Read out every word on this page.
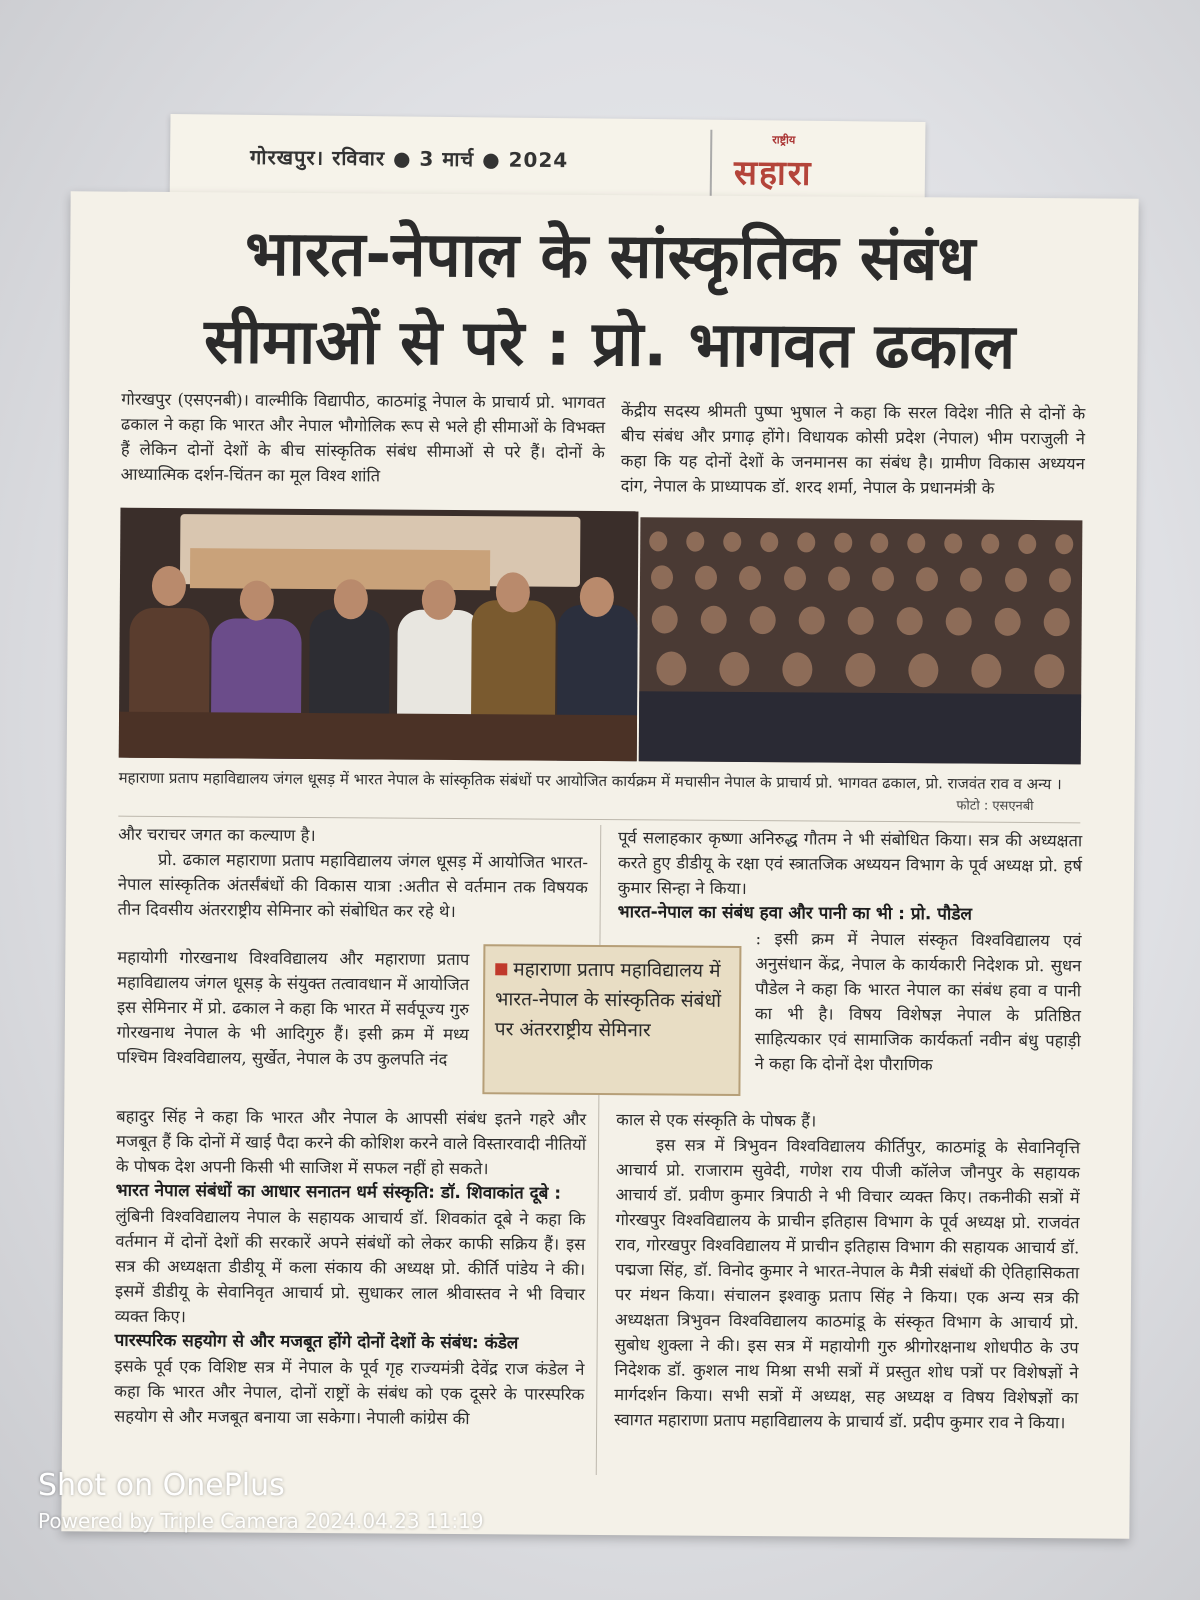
गोरखपुर। रविवार ● 3 मार्च ● 2024
राष्ट्रीय
सहारा
भारत-नेपाल के सांस्कृतिक संबंध
सीमाओं से परे : प्रो. भागवत ढकाल

गोरखपुर (एसएनबी)। वाल्मीकि विद्यापीठ, काठमांडू नेपाल के प्राचार्य प्रो. भागवत ढकाल ने कहा कि भारत और नेपाल भौगोलिक रूप से भले ही सीमाओं के विभक्त हैं लेकिन दोनों देशों के बीच सांस्कृतिक संबंध सीमाओं से परे हैं। दोनों के आध्यात्मिक दर्शन-चिंतन का मूल विश्व शांति

केंद्रीय सदस्य श्रीमती पुष्पा भुषाल ने कहा कि सरल विदेश नीति से दोनों के बीच संबंध और प्रगाढ़ होंगे। विधायक कोसी प्रदेश (नेपाल) भीम पराजुली ने कहा कि यह दोनों देशों के जनमानस का संबंध है। ग्रामीण विकास अध्ययन दांग, नेपाल के प्राध्यापक डॉ. शरद शर्मा, नेपाल के प्रधानमंत्री के

महाराणा प्रताप महाविद्यालय जंगल धूसड़ में भारत नेपाल के सांस्कृतिक संबंधों पर आयोजित कार्यक्रम में मचासीन नेपाल के प्राचार्य प्रो. भागवत ढकाल, प्रो. राजवंत राव व अन्य ।
फोटो : एसएनबी

और चराचर जगत का कल्याण है।

प्रो. ढकाल महाराणा प्रताप महाविद्यालय जंगल धूसड़ में आयोजित भारत-नेपाल सांस्कृतिक अंतर्संबंधों की विकास यात्रा :अतीत से वर्तमान तक विषयक तीन दिवसीय अंतरराष्ट्रीय सेमिनार को संबोधित कर रहे थे।

महायोगी गोरखनाथ विश्वविद्यालय और महाराणा प्रताप महाविद्यालय जंगल धूसड़ के संयुक्त तत्वावधान में आयोजित इस सेमिनार में प्रो. ढकाल ने कहा कि भारत में सर्वपूज्य गुरु गोरखनाथ नेपाल के भी आदिगुरु हैं। इसी क्रम में मध्य पश्चिम विश्वविद्यालय, सुर्खेत, नेपाल के उप कुलपति नंद

बहादुर सिंह ने कहा कि भारत और नेपाल के आपसी संबंध इतने गहरे और मजबूत हैं कि दोनों में खाई पैदा करने की कोशिश करने वाले विस्तारवादी नीतियों के पोषक देश अपनी किसी भी साजिश में सफल नहीं हो सकते।

भारत नेपाल संबंधों का आधार सनातन धर्म संस्कृति: डॉ. शिवाकांत दूबे :

लुंबिनी विश्वविद्यालय नेपाल के सहायक आचार्य डॉ. शिवकांत दूबे ने कहा कि वर्तमान में दोनों देशों की सरकारें अपने संबंधों को लेकर काफी सक्रिय हैं। इस सत्र की अध्यक्षता डीडीयू में कला संकाय की अध्यक्ष प्रो. कीर्ति पांडेय ने की। इसमें डीडीयू के सेवानिवृत आचार्य प्रो. सुधाकर लाल श्रीवास्तव ने भी विचार व्यक्त किए।

पारस्परिक सहयोग से और मजबूत होंगे दोनों देशों के संबंध: कंडेल

इसके पूर्व एक विशिष्ट सत्र में नेपाल के पूर्व गृह राज्यमंत्री देवेंद्र राज कंडेल ने कहा कि भारत और नेपाल, दोनों राष्ट्रों के संबंध को एक दूसरे के पारस्परिक सहयोग से और मजबूत बनाया जा सकेगा। नेपाली कांग्रेस की

पूर्व सलाहकार कृष्णा अनिरुद्ध गौतम ने भी संबोधित किया। सत्र की अध्यक्षता करते हुए डीडीयू के रक्षा एवं स्त्रातजिक अध्ययन विभाग के पूर्व अध्यक्ष प्रो. हर्ष कुमार सिन्हा ने किया।

भारत-नेपाल का संबंध हवा और पानी का भी : प्रो. पौडेल

: इसी क्रम में नेपाल संस्कृत विश्वविद्यालय एवं अनुसंधान केंद्र, नेपाल के कार्यकारी निदेशक प्रो. सुधन पौडेल ने कहा कि भारत नेपाल का संबंध हवा व पानी का भी है। विषय विशेषज्ञ नेपाल के प्रतिष्ठित साहित्यकार एवं सामाजिक कार्यकर्ता नवीन बंधु पहाड़ी ने कहा कि दोनों देश पौराणिक

काल से एक संस्कृति के पोषक हैं।

इस सत्र में त्रिभुवन विश्वविद्यालय कीर्तिपुर, काठमांडू के सेवानिवृत्ति आचार्य प्रो. राजाराम सुवेदी, गणेश राय पीजी कॉलेज जौनपुर के सहायक आचार्य डॉ. प्रवीण कुमार त्रिपाठी ने भी विचार व्यक्त किए। तकनीकी सत्रों में गोरखपुर विश्वविद्यालय के प्राचीन इतिहास विभाग के पूर्व अध्यक्ष प्रो. राजवंत राव, गोरखपुर विश्वविद्यालय में प्राचीन इतिहास विभाग की सहायक आचार्य डॉ. पद्मजा सिंह, डॉ. विनोद कुमार ने भारत-नेपाल के मैत्री संबंधों की ऐतिहासिकता पर मंथन किया। संचालन इश्वाकु प्रताप सिंह ने किया। एक अन्य सत्र की अध्यक्षता त्रिभुवन विश्वविद्यालय काठमांडू के संस्कृत विभाग के आचार्य प्रो. सुबोध शुक्ला ने की। इस सत्र में महायोगी गुरु श्रीगोरक्षनाथ शोधपीठ के उप निदेशक डॉ. कुशल नाथ मिश्रा सभी सत्रों में प्रस्तुत शोध पत्रों पर विशेषज्ञों ने मार्गदर्शन किया। सभी सत्रों में अध्यक्ष, सह अध्यक्ष व विषय विशेषज्ञों का स्वागत महाराणा प्रताप महाविद्यालय के प्राचार्य डॉ. प्रदीप कुमार राव ने किया।

महाराणा प्रताप महाविद्यालय में भारत-नेपाल के सांस्कृतिक संबंधों पर अंतरराष्ट्रीय सेमिनार
Shot on OnePlus
Powered by Triple Camera 2024.04.23 11:19
